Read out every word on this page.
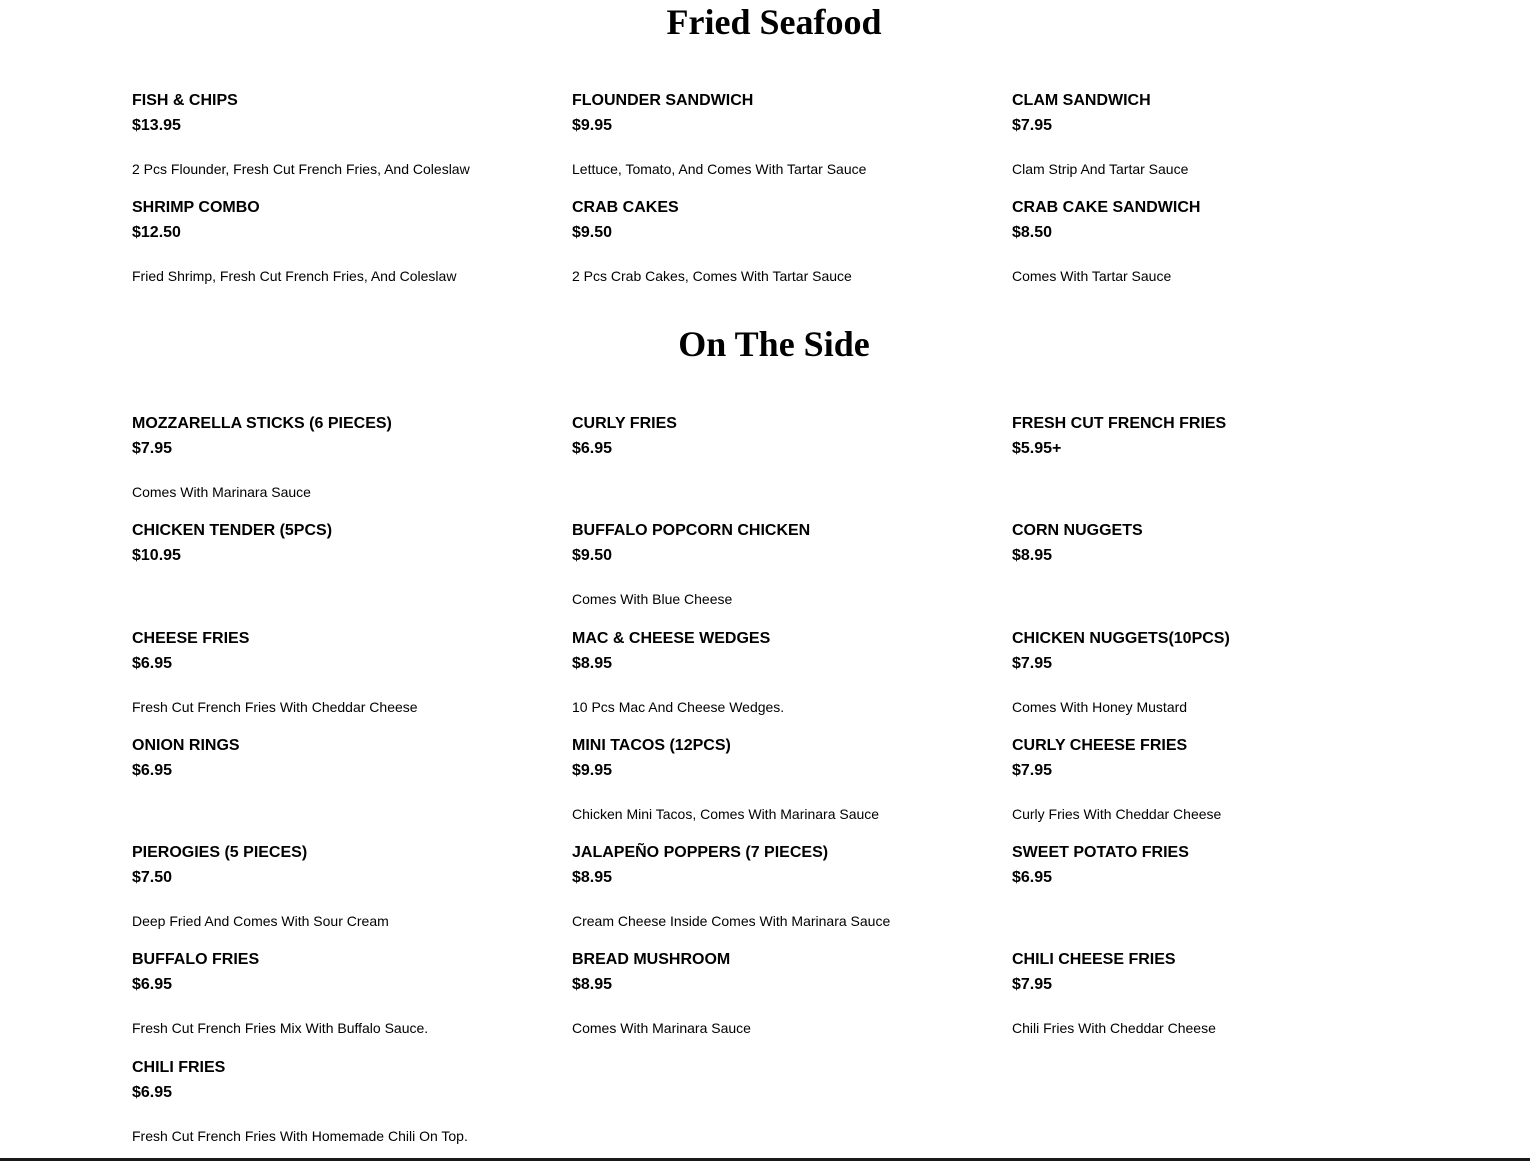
Fried Seafood
FISH & CHIPS
$13.95
2 Pcs Flounder, Fresh Cut French Fries, And Coleslaw
FLOUNDER SANDWICH
$9.95
Lettuce, Tomato, And Comes With Tartar Sauce
CLAM SANDWICH
$7.95
Clam Strip And Tartar Sauce
SHRIMP COMBO
$12.50
Fried Shrimp, Fresh Cut French Fries, And Coleslaw
CRAB CAKES
$9.50
2 Pcs Crab Cakes, Comes With Tartar Sauce
CRAB CAKE SANDWICH
$8.50
Comes With Tartar Sauce
On The Side
MOZZARELLA STICKS (6 PIECES)
$7.95
Comes With Marinara Sauce
CURLY FRIES
$6.95
FRESH CUT FRENCH FRIES
$5.95+
CHICKEN TENDER (5PCS)
$10.95
BUFFALO POPCORN CHICKEN
$9.50
Comes With Blue Cheese
CORN NUGGETS
$8.95
CHEESE FRIES
$6.95
Fresh Cut French Fries With Cheddar Cheese
MAC & CHEESE WEDGES
$8.95
10 Pcs Mac And Cheese Wedges.
CHICKEN NUGGETS(10PCS)
$7.95
Comes With Honey Mustard
ONION RINGS
$6.95
MINI TACOS (12PCS)
$9.95
Chicken Mini Tacos, Comes With Marinara Sauce
CURLY CHEESE FRIES
$7.95
Curly Fries With Cheddar Cheese
PIEROGIES (5 PIECES)
$7.50
Deep Fried And Comes With Sour Cream
JALAPEÑO POPPERS (7 PIECES)
$8.95
Cream Cheese Inside Comes With Marinara Sauce
SWEET POTATO FRIES
$6.95
BUFFALO FRIES
$6.95
Fresh Cut French Fries Mix With Buffalo Sauce.
BREAD MUSHROOM
$8.95
Comes With Marinara Sauce
CHILI CHEESE FRIES
$7.95
Chili Fries With Cheddar Cheese
CHILI FRIES
$6.95
Fresh Cut French Fries With Homemade Chili On Top.
